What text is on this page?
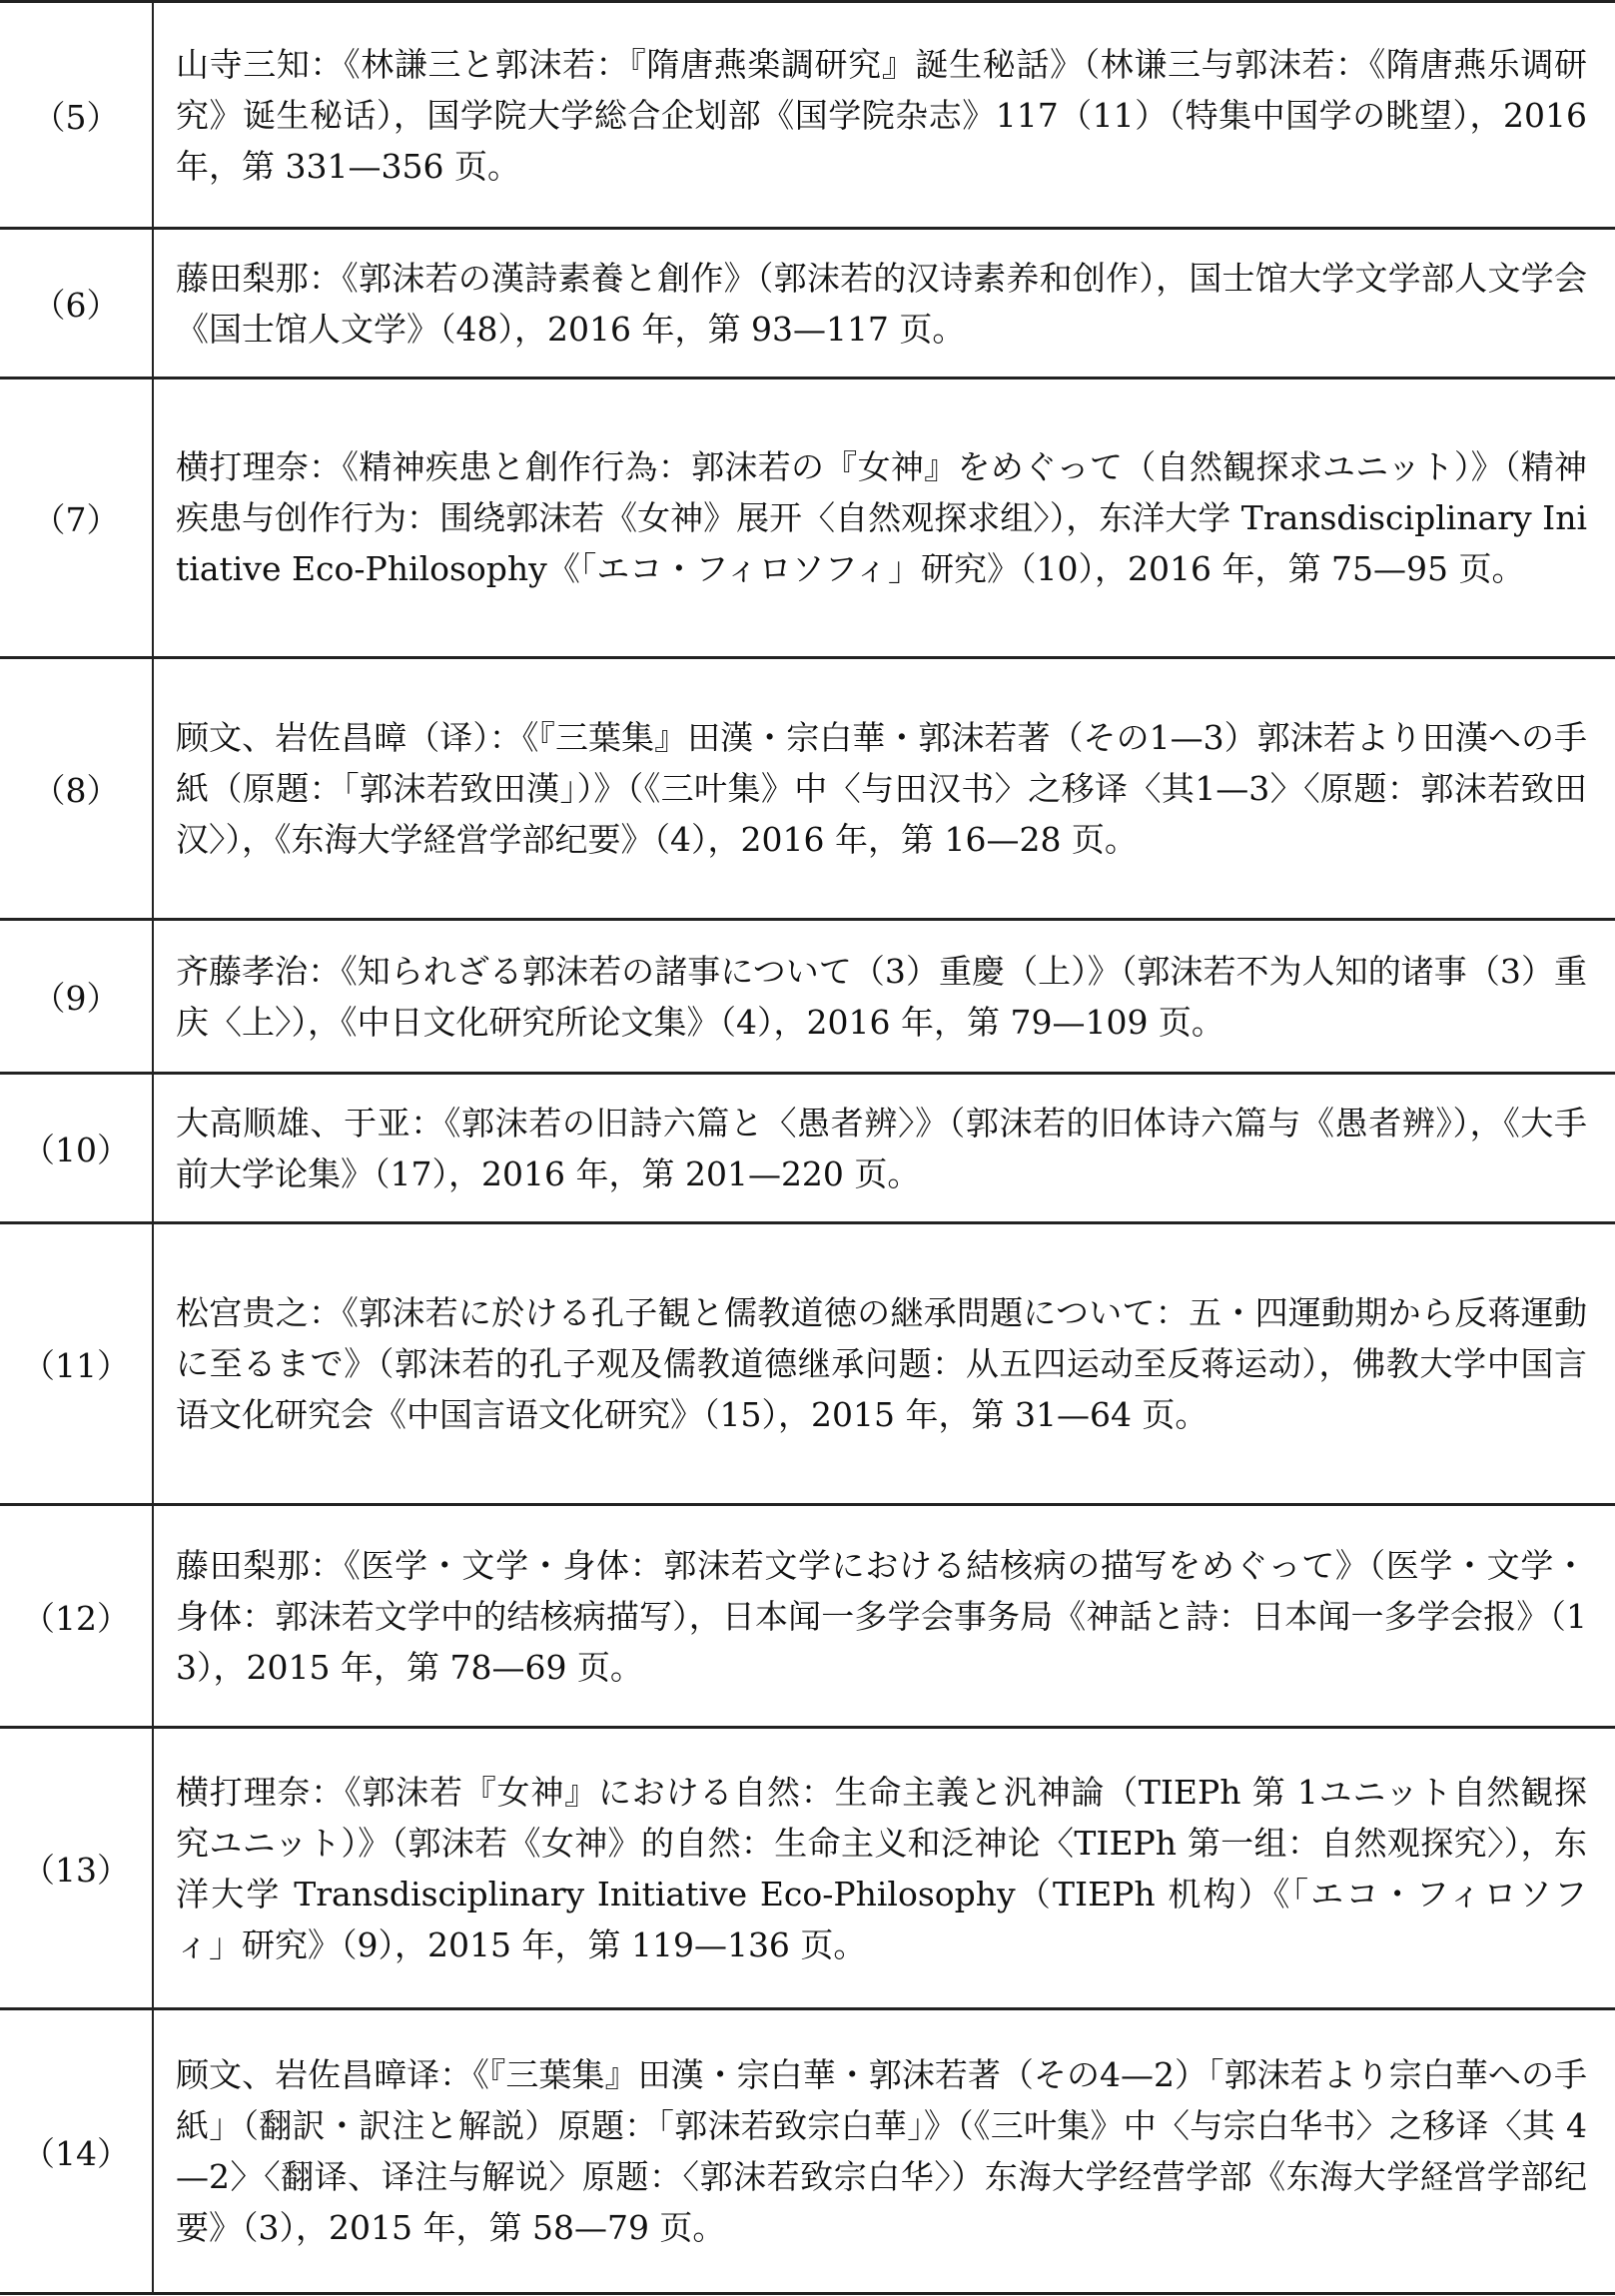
（5）	山寺三知：《林謙三と郭沫若：『隋唐燕楽調研究』誕生秘話》（林谦三与郭沫若：《隋唐燕乐调研究》诞生秘话），国学院大学総合企划部《国学院杂志》117（11）（特集中国学の眺望），2016 年，第 331—356 页。
（6）	藤田梨那：《郭沫若の漢詩素養と創作》（郭沫若的汉诗素养和创作），国士馆大学文学部人文学会《国士馆人文学》（48），2016 年，第 93—117 页。
（7）	横打理奈：《精神疾患と創作行為：郭沫若の『女神』をめぐって（自然観探求ユニット）》（精神疾患与创作行为：围绕郭沫若《女神》展开〈自然观探求组〉），东洋大学 Transdisciplinary Initiative Eco-Philosophy《「エコ・フィロソフィ」研究》（10），2016 年，第 75—95 页。
（8）	顾文、岩佐昌暲（译）：《『三葉集』田漢・宗白華・郭沫若著（その1—3）郭沫若より田漢への手紙（原題：「郭沫若致田漢」）》（《三叶集》中〈与田汉书〉之移译〈其1—3〉〈原题：郭沫若致田汉〉），《东海大学経営学部纪要》（4），2016 年，第 16—28 页。
（9）	齐藤孝治：《知られざる郭沫若の諸事について（3）重慶（上）》（郭沫若不为人知的诸事（3）重庆〈上〉），《中日文化研究所论文集》（4），2016 年，第 79—109 页。
（10）	大高顺雄、于亚：《郭沫若の旧詩六篇と〈愚者辨〉》（郭沫若的旧体诗六篇与《愚者辨》），《大手前大学论集》（17），2016 年，第 201—220 页。
（11）	松宫贵之：《郭沫若に於ける孔子観と儒教道徳の継承問題について：五・四運動期から反蒋運動に至るまで》（郭沫若的孔子观及儒教道德继承问题：从五四运动至反蒋运动），佛教大学中国言语文化研究会《中国言语文化研究》（15），2015 年，第 31—64 页。
（12）	藤田梨那：《医学・文学・身体：郭沫若文学における結核病の描写をめぐって》（医学・文学・身体：郭沫若文学中的结核病描写），日本闻一多学会事务局《神話と詩：日本闻一多学会报》（13），2015 年，第 78—69 页。
（13）	横打理奈：《郭沫若『女神』における自然：生命主義と汎神論（TIEPh 第 1ユニット自然観探究ユニット）》（郭沫若《女神》的自然：生命主义和泛神论〈TIEPh 第一组：自然观探究〉），东洋大学 Transdisciplinary Initiative Eco-Philosophy（TIEPh 机构）《「エコ・フィロソフィ」研究》（9），2015 年，第 119—136 页。
（14）	顾文、岩佐昌暲译：《『三葉集』田漢・宗白華・郭沫若著（その4—2）「郭沫若より宗白華への手紙」（翻訳・訳注と解説）原題：「郭沫若致宗白華」》（《三叶集》中〈与宗白华书〉之移译〈其 4—2〉〈翻译、译注与解说〉原题：〈郭沫若致宗白华〉）东海大学经营学部《东海大学経営学部纪要》（3），2015 年，第 58—79 页。
